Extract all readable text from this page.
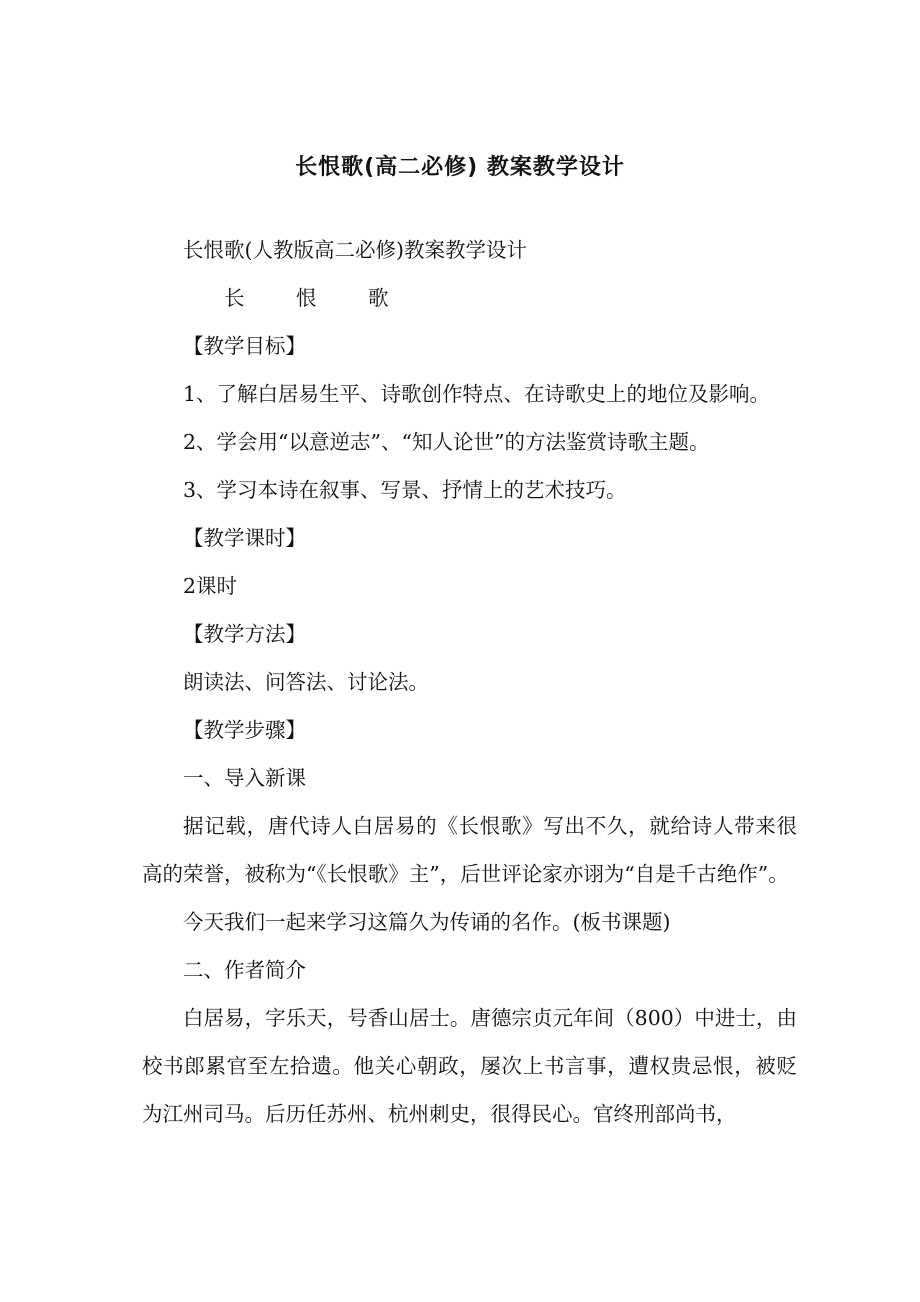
长恨歌(高二必修) 教案教学设计

长恨歌(人教版高二必修)教案教学设计

长	恨	歌

【教学目标】

1、了解白居易生平、诗歌创作特点、在诗歌史上的地位及影响。

2、学会用“以意逆志”、“知人论世”的方法鉴赏诗歌主题。

3、学习本诗在叙事、写景、抒情上的艺术技巧。

【教学课时】

2课时

【教学方法】

朗读法、问答法、讨论法。

【教学步骤】

一、导入新课

据记载，唐代诗人白居易的《长恨歌》写出不久，就给诗人带来很高的荣誉，被称为“《长恨歌》主”，后世评论家亦诩为“自是千古绝作”。

今天我们一起来学习这篇久为传诵的名作。(板书课题)

二、作者简介

白居易，字乐天，号香山居士。唐德宗贞元年间（800）中进士，由校书郎累官至左拾遗。他关心朝政，屡次上书言事，遭权贵忌恨，被贬为江州司马。后历任苏州、杭州刺史，很得民心。官终刑部尚书，
